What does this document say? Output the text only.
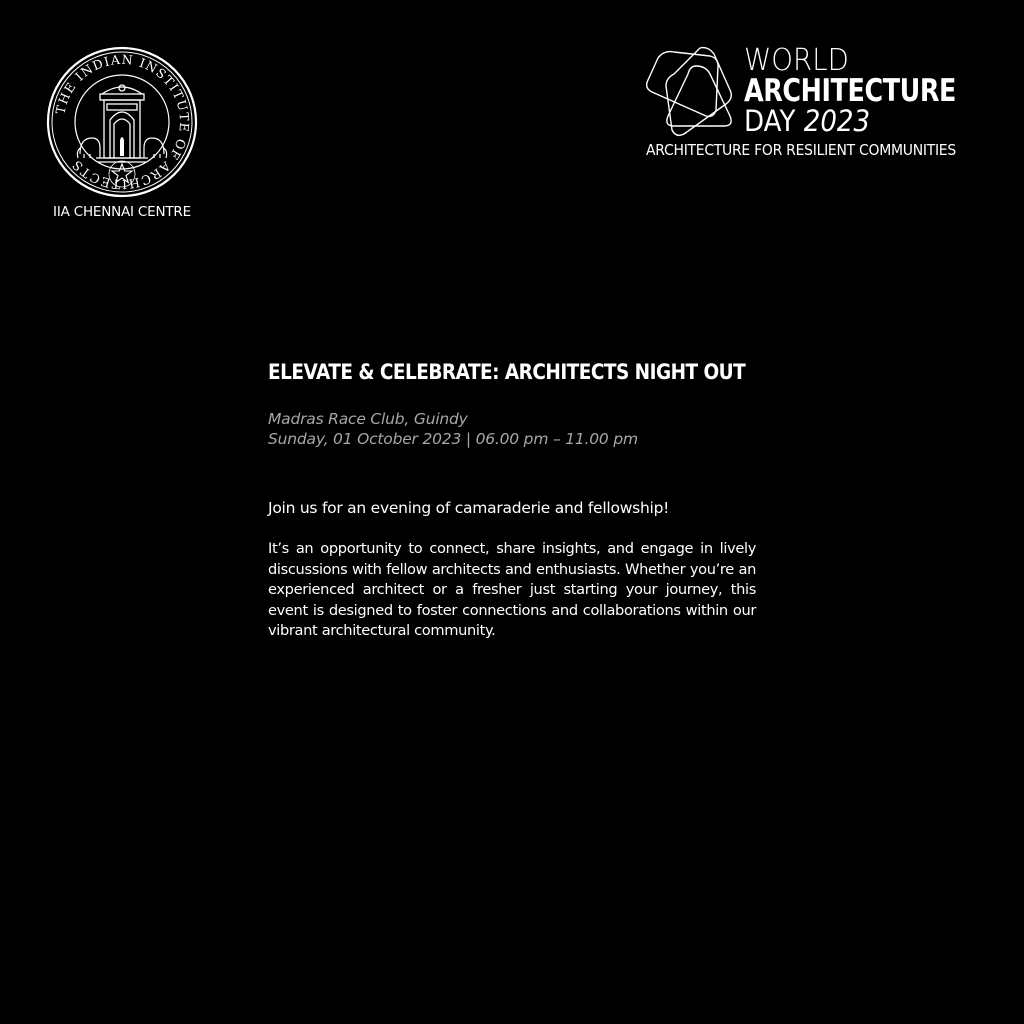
THE INDIAN INSTITUTE OF ARCHITECTS
IIA CHENNAI CENTRE
WORLD
ARCHITECTURE
DAY 2023
ARCHITECTURE FOR RESILIENT COMMUNITIES
ELEVATE & CELEBRATE: ARCHITECTS NIGHT OUT
Madras Race Club, Guindy
Sunday, 01 October 2023 | 06.00 pm – 11.00 pm

Join us for an evening of camaraderie and fellowship!

It’s an opportunity to connect, share insights, and engage in lively discussions with fellow architects and enthusiasts. Whether you’re an experienced architect or a fresher just starting your journey, this event is designed to foster connections and collaborations within our vibrant architectural community.
